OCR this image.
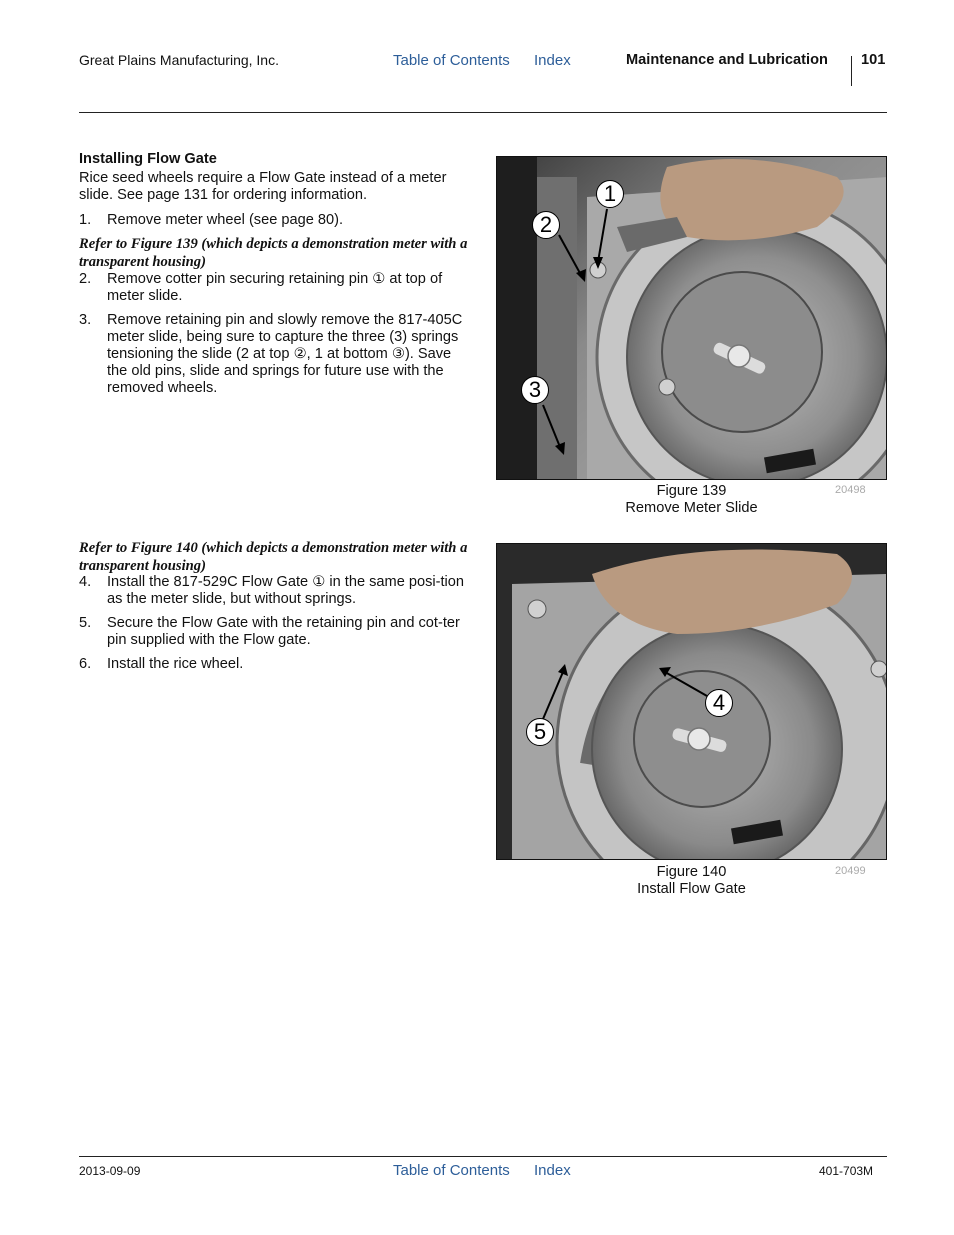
Great Plains Manufacturing, Inc.	Table of Contents Index	Maintenance and Lubrication 101
Installing Flow Gate
Rice seed wheels require a Flow Gate instead of a meter slide. See page 131 for ordering information.
1. Remove meter wheel (see page 80).
Refer to Figure 139 (which depicts a demonstration meter with a transparent housing)
2. Remove cotter pin securing retaining pin ① at top of meter slide.
3. Remove retaining pin and slowly remove the 817-405C meter slide, being sure to capture the three (3) springs tensioning the slide (2 at top ②, 1 at bottom ③). Save the old pins, slide and springs for future use with the removed wheels.
Refer to Figure 140 (which depicts a demonstration meter with a transparent housing)
4. Install the 817-529C Flow Gate ① in the same posi-tion as the meter slide, but without springs.
5. Secure the Flow Gate with the retaining pin and cot-ter pin supplied with the Flow gate.
6. Install the rice wheel.
1
2
3
Figure 139
Remove Meter Slide
20498
4
5
Figure 140
Install Flow Gate
20499
2013-09-09	Table of Contents Index	401-703M
